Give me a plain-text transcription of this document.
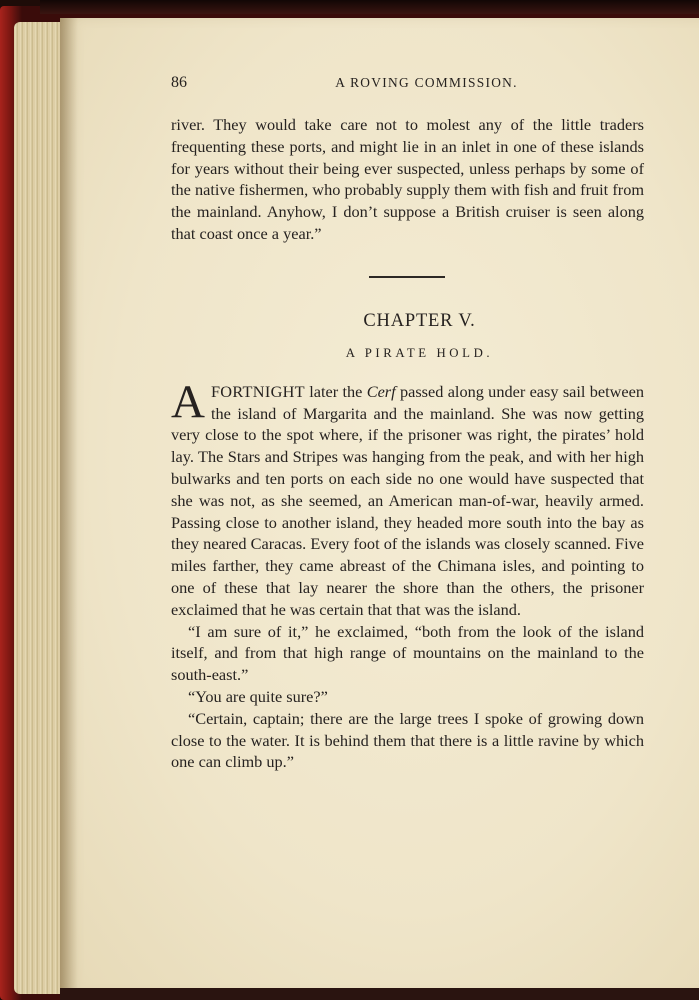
86	A ROVING COMMISSION.

river. They would take care not to molest any of the little traders frequenting these ports, and might lie in an inlet in one of these islands for years without their being ever suspected, unless perhaps by some of the native fishermen, who probably supply them with fish and fruit from the mainland. Anyhow, I don’t suppose a British cruiser is seen along that coast once a year.”

CHAPTER V.
A PIRATE HOLD.

AFORTNIGHT later the Cerf passed along under easy sail between the island of Margarita and the mainland. She was now getting very close to the spot where, if the prisoner was right, the pirates’ hold lay. The Stars and Stripes was hanging from the peak, and with her high bulwarks and ten ports on each side no one would have suspected that she was not, as she seemed, an American man-of-war, heavily armed. Passing close to another island, they headed more south into the bay as they neared Caracas. Every foot of the islands was closely scanned. Five miles farther, they came abreast of the Chimana isles, and pointing to one of these that lay nearer the shore than the others, the prisoner exclaimed that he was certain that that was the island.

“I am sure of it,” he exclaimed, “both from the look of the island itself, and from that high range of mountains on the mainland to the south-east.”

“You are quite sure?”

“Certain, captain; there are the large trees I spoke of growing down close to the water. It is behind them that there is a little ravine by which one can climb up.”
